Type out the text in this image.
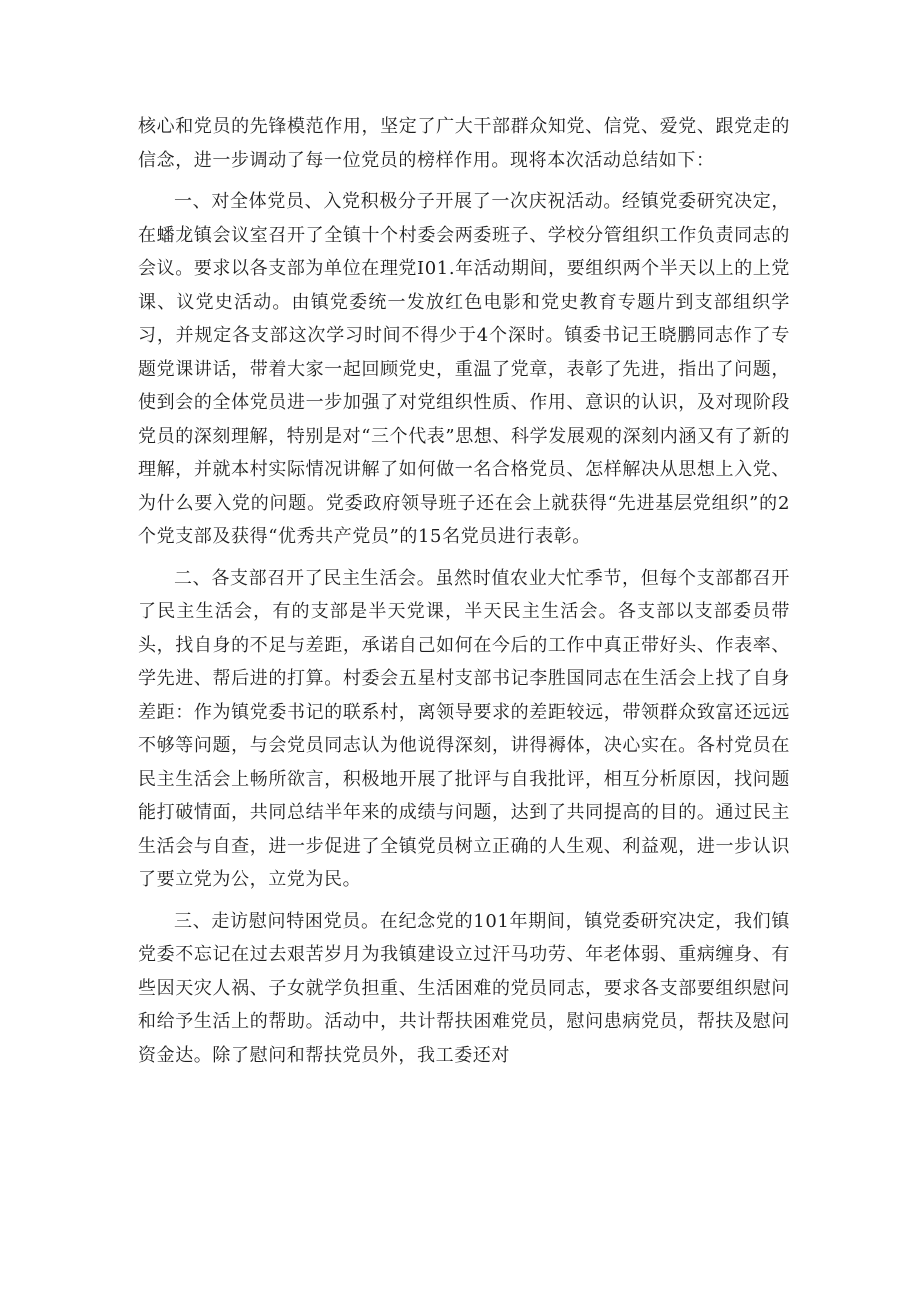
核心和党员的先锋模范作用，坚定了广大干部群众知党、信党、爱党、跟党走的信念，进一步调动了每一位党员的榜样作用。现将本次活动总结如下：

一、对全体党员、入党积极分子开展了一次庆祝活动。经镇党委研究决定，在蟠龙镇会议室召开了全镇十个村委会两委班子、学校分管组织工作负责同志的会议。要求以各支部为单位在理党I01.年活动期间，要组织两个半天以上的上党课、议党史活动。由镇党委统一发放红色电影和党史教育专题片到支部组织学习，并规定各支部这次学习时间不得少于4个深时。镇委书记王晓鹏同志作了专题党课讲话，带着大家一起回顾党史，重温了党章，表彰了先进，指出了问题，使到会的全体党员进一步加强了对党组织性质、作用、意识的认识，及对现阶段党员的深刻理解，特别是对“三个代表”思想、科学发展观的深刻内涵又有了新的理解，并就本村实际情况讲解了如何做一名合格党员、怎样解决从思想上入党、为什么要入党的问题。党委政府领导班子还在会上就获得“先进基层党组织”的2个党支部及获得“优秀共产党员”的15名党员进行表彰。

二、各支部召开了民主生活会。虽然时值农业大忙季节，但每个支部都召开了民主生活会，有的支部是半天党课，半天民主生活会。各支部以支部委员带头，找自身的不足与差距，承诺自己如何在今后的工作中真正带好头、作表率、学先进、帮后进的打算。村委会五星村支部书记李胜国同志在生活会上找了自身差距：作为镇党委书记的联系村，离领导要求的差距较远，带领群众致富还远远不够等问题，与会党员同志认为他说得深刻，讲得褥体，决心实在。各村党员在民主生活会上畅所欲言，积极地开展了批评与自我批评，相互分析原因，找问题能打破情面，共同总结半年来的成绩与问题，达到了共同提高的目的。通过民主生活会与自查，进一步促进了全镇党员树立正确的人生观、利益观，进一步认识了要立党为公，立党为民。

三、走访慰问特困党员。在纪念党的101年期间，镇党委研究决定，我们镇党委不忘记在过去艰苦岁月为我镇建设立过汗马功劳、年老体弱、重病缠身、有些因天灾人祸、子女就学负担重、生活困难的党员同志，要求各支部要组织慰问和给予生活上的帮助。活动中，共计帮扶困难党员，慰问患病党员，帮扶及慰问资金达。除了慰问和帮扶党员外，我工委还对
